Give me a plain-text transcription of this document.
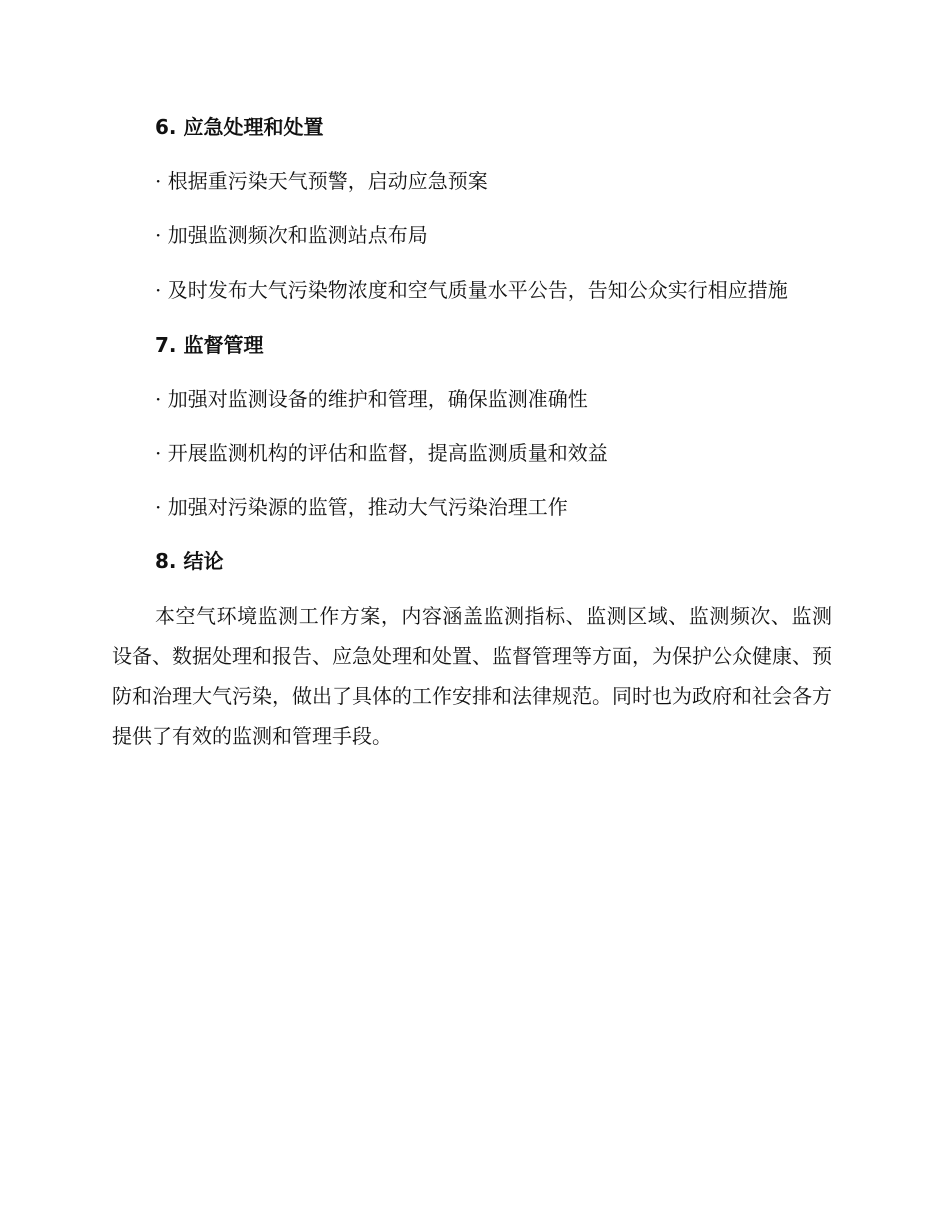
6. 应急处理和处置
· 根据重污染天气预警，启动应急预案
· 加强监测频次和监测站点布局
· 及时发布大气污染物浓度和空气质量水平公告，告知公众实行相应措施
7. 监督管理
· 加强对监测设备的维护和管理，确保监测准确性
· 开展监测机构的评估和监督，提高监测质量和效益
· 加强对污染源的监管，推动大气污染治理工作
8. 结论

本空气环境监测工作方案，内容涵盖监测指标、监测区域、监测频次、监测设备、数据处理和报告、应急处理和处置、监督管理等方面，为保护公众健康、预防和治理大气污染，做出了具体的工作安排和法律规范。同时也为政府和社会各方提供了有效的监测和管理手段。
